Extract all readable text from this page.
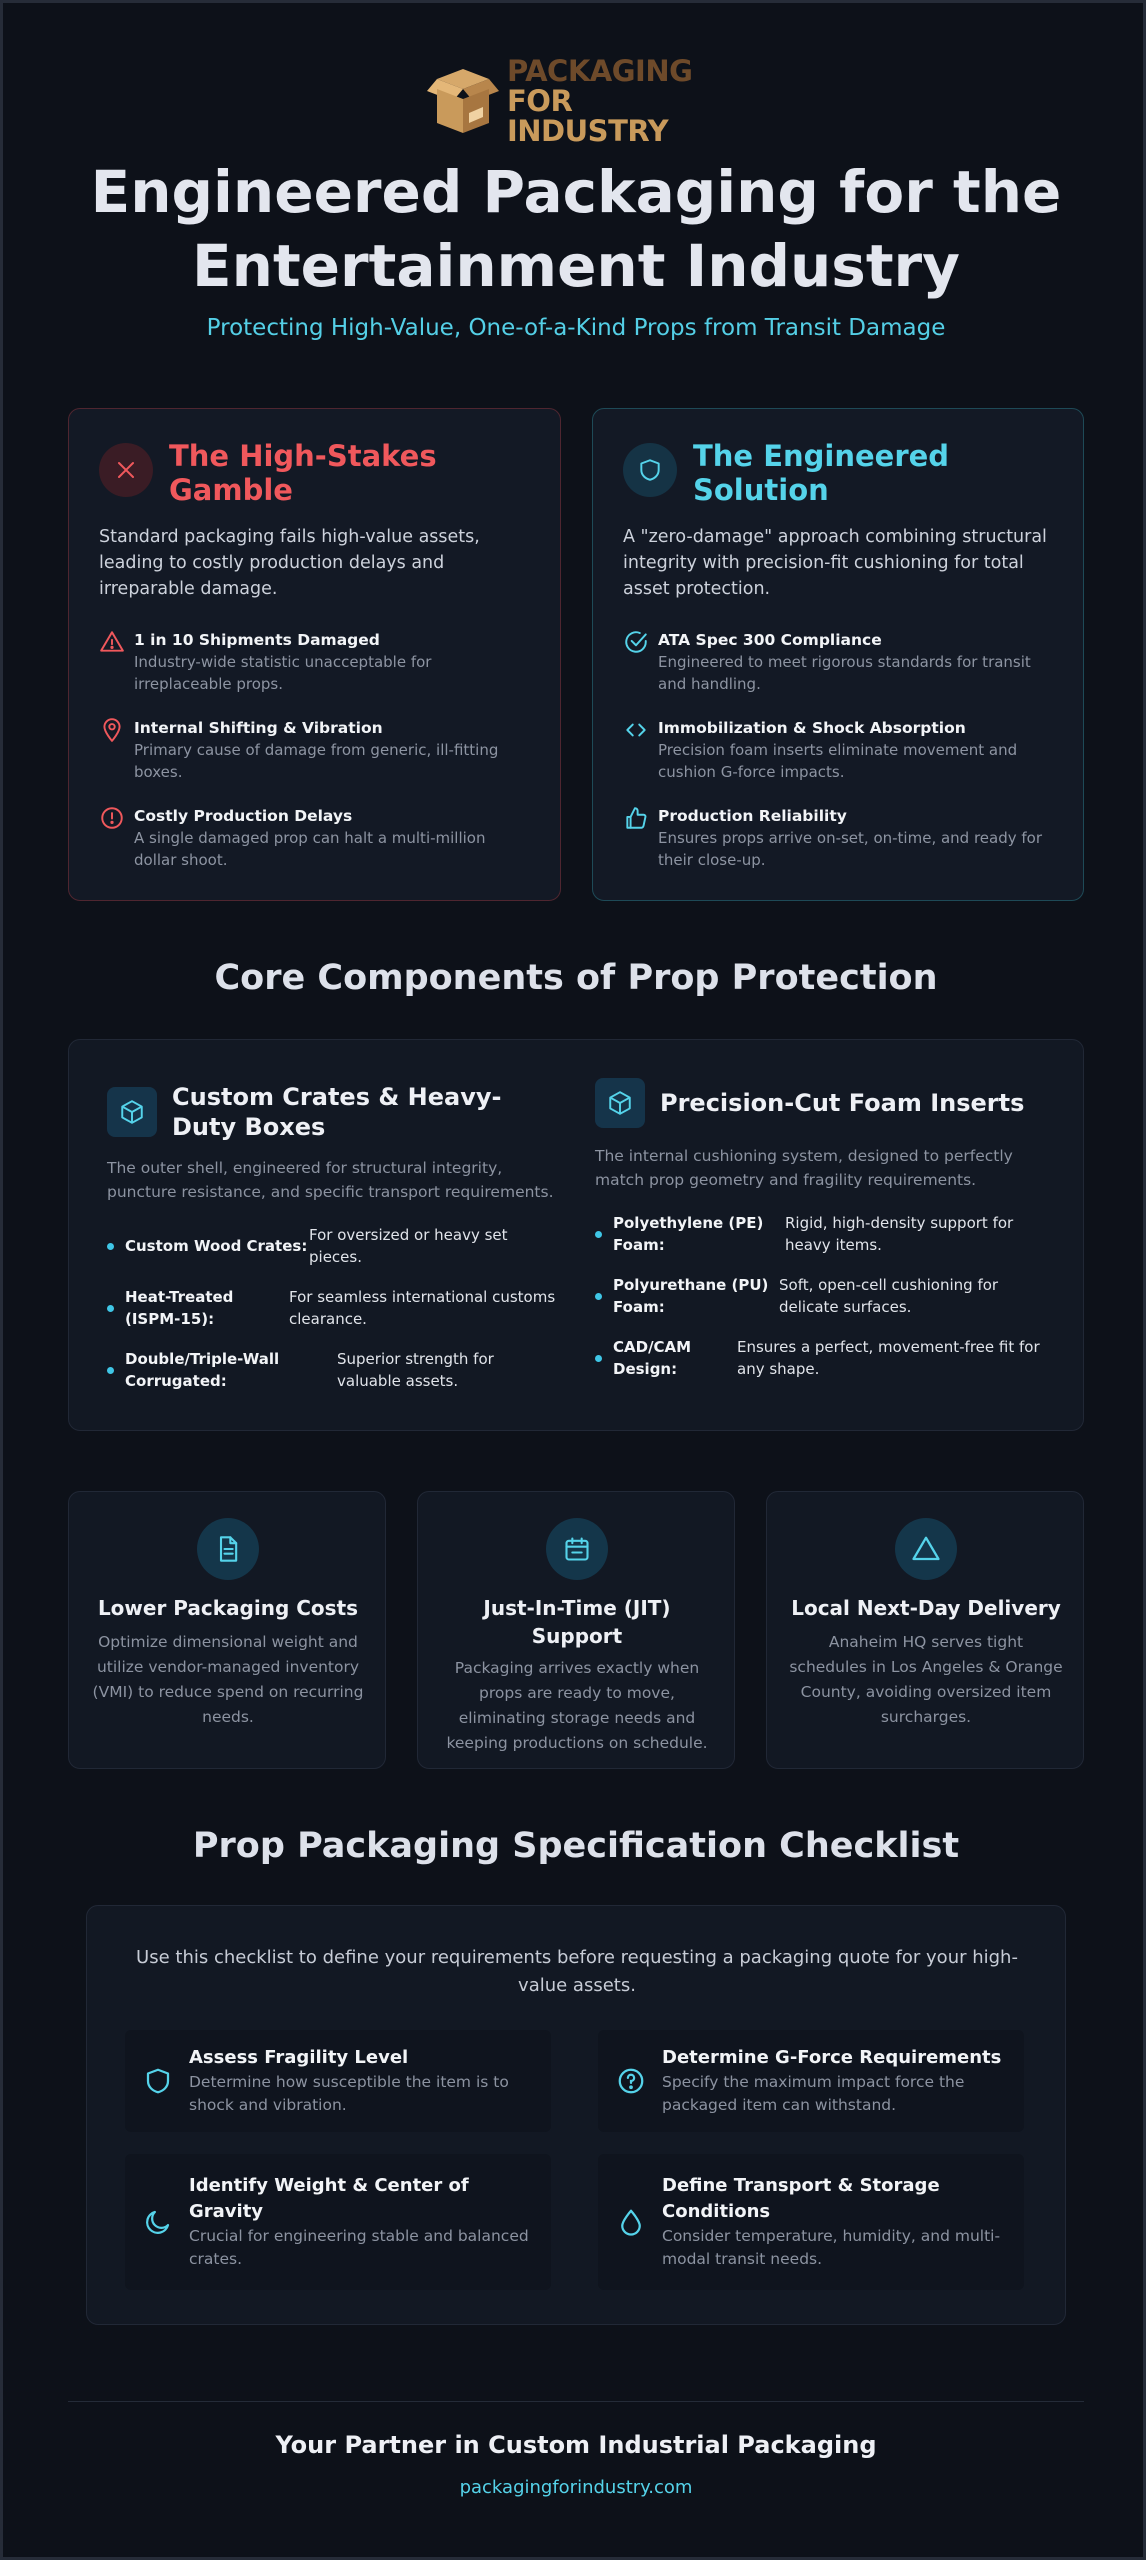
PACKAGING
FOR INDUSTRY
Engineered Packaging for the Entertainment Industry
Protecting High-Value, One-of-a-Kind Props from Transit Damage
The High-Stakes Gamble

Standard packaging fails high-value assets, leading to costly production delays and irreparable damage.

1 in 10 Shipments Damaged
Industry-wide statistic unacceptable for irreplaceable props.
Internal Shifting & Vibration
Primary cause of damage from generic, ill-fitting boxes.
Costly Production Delays
A single damaged prop can halt a multi-million dollar shoot.
The Engineered Solution

A "zero-damage" approach combining structural integrity with precision-fit cushioning for total asset protection.

ATA Spec 300 Compliance
Engineered to meet rigorous standards for transit and handling.
Immobilization & Shock Absorption
Precision foam inserts eliminate movement and cushion G-force impacts.
Production Reliability
Ensures props arrive on-set, on-time, and ready for their close-up.
Core Components of Prop Protection
Custom Crates & Heavy-Duty Boxes

The outer shell, engineered for structural integrity, puncture resistance, and specific transport requirements.

Custom Wood Crates:
For oversized or heavy set pieces.
Heat-Treated (ISPM-15):
For seamless international customs clearance.
Double/Triple-Wall Corrugated:
Superior strength for valuable assets.
Precision-Cut Foam Inserts

The internal cushioning system, designed to perfectly match prop geometry and fragility requirements.

Polyethylene (PE) Foam:
Rigid, high-density support for heavy items.
Polyurethane (PU) Foam:
Soft, open-cell cushioning for delicate surfaces.
CAD/CAM Design:
Ensures a perfect, movement-free fit for any shape.
Lower Packaging Costs
Optimize dimensional weight and utilize vendor-managed inventory (VMI) to reduce spend on recurring needs.
Just-In-Time (JIT) Support
Packaging arrives exactly when props are ready to move, eliminating storage needs and keeping productions on schedule.
Local Next-Day Delivery
Anaheim HQ serves tight schedules in Los Angeles & Orange County, avoiding oversized item surcharges.
Prop Packaging Specification Checklist

Use this checklist to define your requirements before requesting a packaging quote for your high-value assets.

Assess Fragility Level
Determine how susceptible the item is to shock and vibration.
Determine G-Force Requirements
Specify the maximum impact force the packaged item can withstand.
Identify Weight & Center of Gravity
Crucial for engineering stable and balanced crates.
Define Transport & Storage Conditions
Consider temperature, humidity, and multi-modal transit needs.
Your Partner in Custom Industrial Packaging
packagingforindustry.com
